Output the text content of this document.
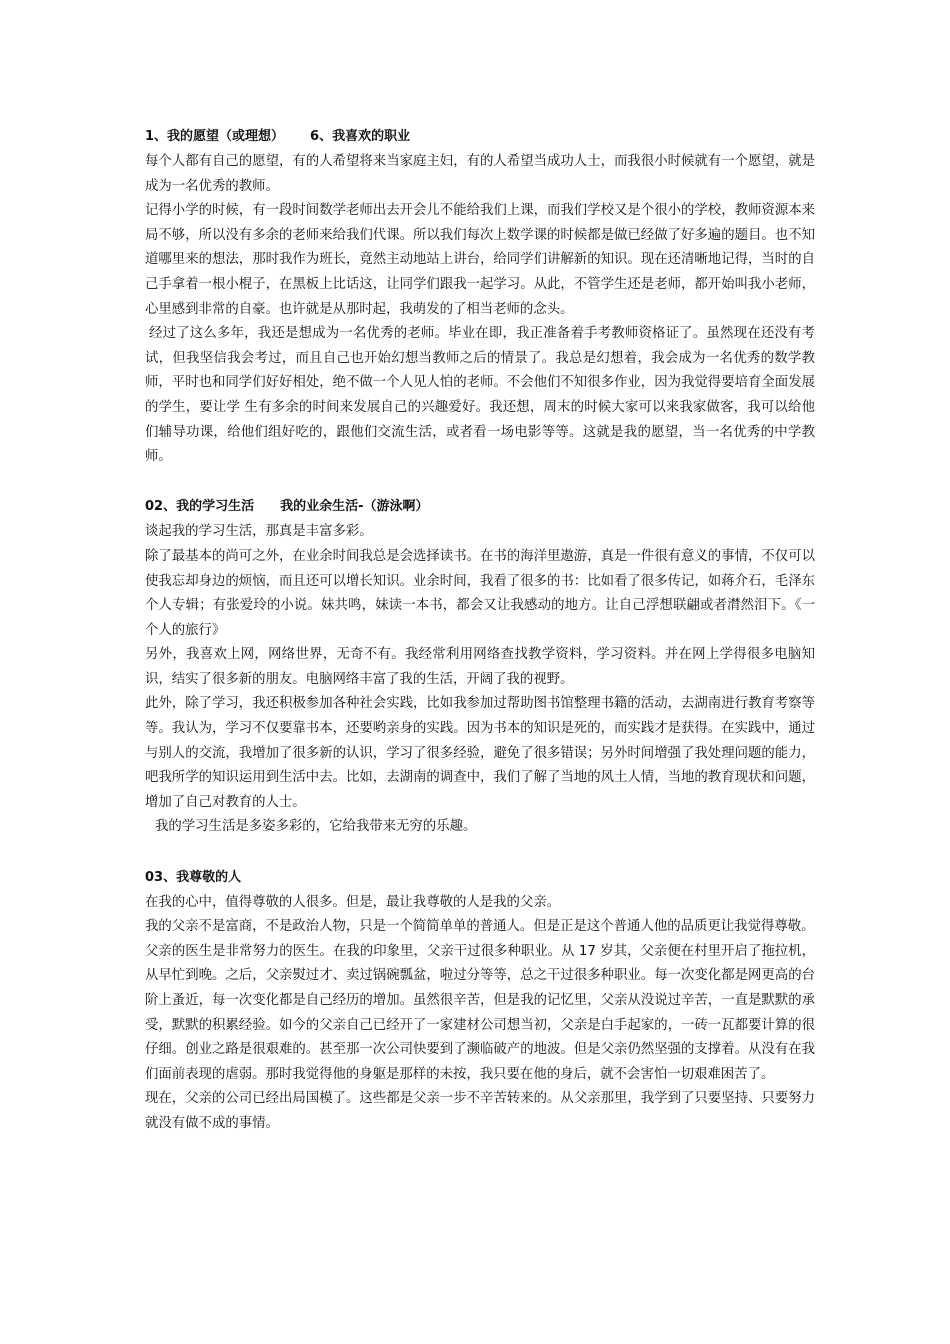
1、我的愿望（或理想） 6、我喜欢的职业

每个人都有自己的愿望，有的人希望将来当家庭主妇，有的人希望当成功人士，而我很小时候就有一个愿望，就是成为一名优秀的教师。

记得小学的时候，有一段时间数学老师出去开会儿不能给我们上课，而我们学校又是个很小的学校，教师资源本来局不够，所以没有多余的老师来给我们代课。所以我们每次上数学课的时候都是做已经做了好多遍的题目。也不知道哪里来的想法，那时我作为班长，竟然主动地站上讲台，给同学们讲解新的知识。现在还清晰地记得，当时的自己手拿着一根小棍子，在黑板上比话这，让同学们跟我一起学习。从此，不管学生还是老师，都开始叫我小老师，心里感到非常的自豪。也许就是从那时起，我萌发的了相当老师的念头。

经过了这么多年，我还是想成为一名优秀的老师。毕业在即，我正准备着手考教师资格证了。虽然现在还没有考试，但我坚信我会考过，而且自己也开始幻想当教师之后的情景了。我总是幻想着，我会成为一名优秀的数学教师，平时也和同学们好好相处，绝不做一个人见人怕的老师。不会他们不知很多作业，因为我觉得要培育全面发展的学生，要让学 生有多余的时间来发展自己的兴趣爱好。我还想，周末的时候大家可以来我家做客，我可以给他们辅导功课，给他们组好吃的，跟他们交流生活，或者看一场电影等等。这就是我的愿望，当一名优秀的中学教师。

02、我的学习生活 我的业余生活-（游泳啊）

谈起我的学习生活，那真是丰富多彩。

除了最基本的尚可之外，在业余时间我总是会选择读书。在书的海洋里遨游，真是一件很有意义的事情，不仅可以使我忘却身边的烦恼，而且还可以增长知识。业余时间，我看了很多的书：比如看了很多传记，如蒋介石，毛泽东个人专辑；有张爱玲的小说。妹共鸣，妹读一本书，都会又让我感动的地方。让自己浮想联翩或者潸然泪下。《一个人的旅行》

另外，我喜欢上网，网络世界，无奇不有。我经常利用网络查找教学资料，学习资料。并在网上学得很多电脑知识，结实了很多新的朋友。电脑网络丰富了我的生活，开阔了我的视野。

此外，除了学习，我还积极参加各种社会实践，比如我参加过帮助图书馆整理书籍的活动，去湖南进行教育考察等等。我认为，学习不仅要靠书本，还要哟亲身的实践。因为书本的知识是死的，而实践才是获得。在实践中，通过与别人的交流，我增加了很多新的认识，学习了很多经验，避免了很多错误；另外时间增强了我处理问题的能力，吧我所学的知识运用到生活中去。比如，去湖南的调查中，我们了解了当地的风土人情，当地的教育现状和问题，增加了自己对教育的人士。

我的学习生活是多姿多彩的，它给我带来无穷的乐趣。

03、我尊敬的人

在我的心中，值得尊敬的人很多。但是，最让我尊敬的人是我的父亲。

我的父亲不是富商，不是政治人物，只是一个简简单单的普通人。但是正是这个普通人他的品质更让我觉得尊敬。

父亲的医生是非常努力的医生。在我的印象里，父亲干过很多种职业。从 17 岁其，父亲便在村里开启了拖拉机，从早忙到晚。之后，父亲熨过才、卖过锅碗瓢盆，啦过分等等，总之干过很多种职业。每一次变化都是网更高的台阶上蚤近，每一次变化都是自己经历的增加。虽然很辛苦，但是我的记忆里，父亲从没说过辛苦，一直是默默的承受，默默的积累经验。如今的父亲自己已经开了一家建材公司想当初，父亲是白手起家的，一砖一瓦都要计算的很仔细。创业之路是很艰难的。甚至那一次公司快要到了濒临破产的地波。但是父亲仍然坚强的支撑着。从没有在我们面前表现的虐弱。那时我觉得他的身躯是那样的未按，我只要在他的身后，就不会害怕一切艰难困苦了。

现在，父亲的公司已经出局国模了。这些都是父亲一步不辛苦转来的。从父亲那里，我学到了只要坚持、只要努力就没有做不成的事情。
